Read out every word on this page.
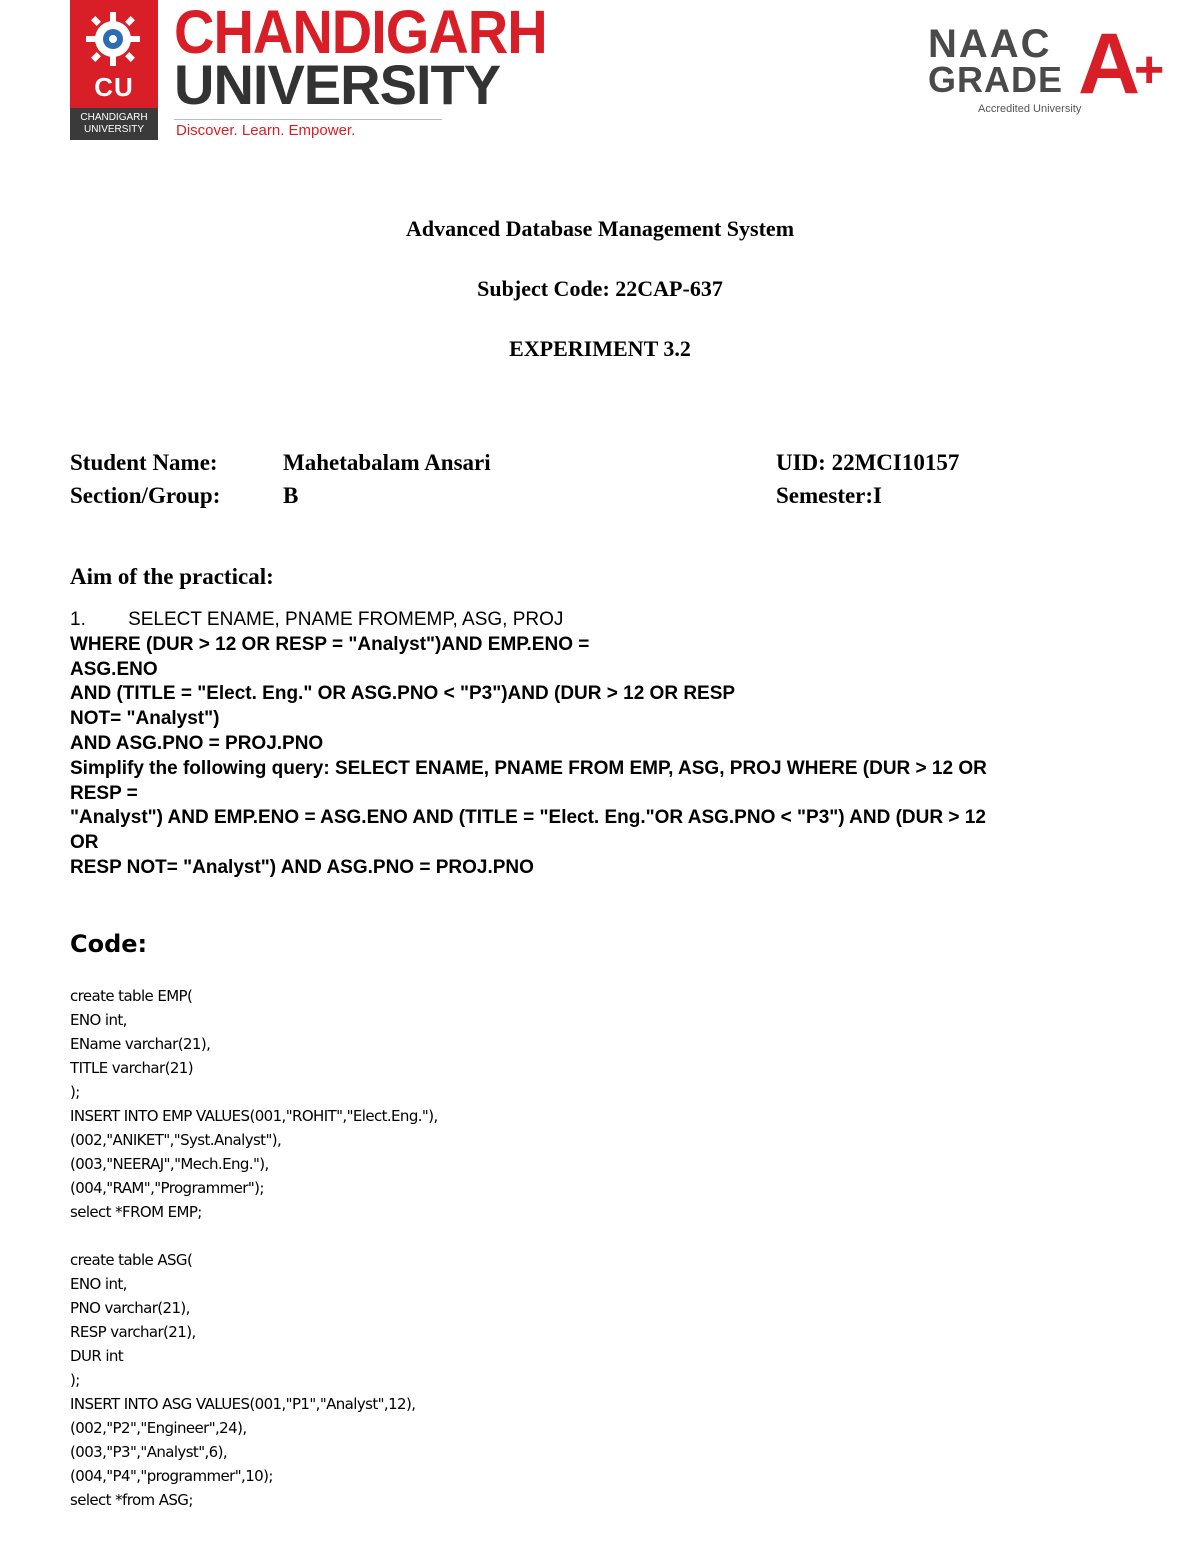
CU
CHANDIGARH
UNIVERSITY
CHANDIGARH
UNIVERSITY
Discover. Learn. Empower.
NAAC
GRADE A
+
Accredited University
Advanced Database Management System
Subject Code: 22CAP-637
EXPERIMENT 3.2
Student Name:	Mahetabalam Ansari	UID: 22MCI10157
Section/Group:	B	Semester:I
Aim of the practical:
1.        SELECT ENAME, PNAME FROMEMP, ASG, PROJ
WHERE (DUR > 12 OR RESP = "Analyst")AND EMP.ENO =
ASG.ENO
AND (TITLE = "Elect. Eng." OR ASG.PNO < "P3")AND (DUR > 12 OR RESP
NOT= "Analyst")
AND ASG.PNO = PROJ.PNO
Simplify the following query: SELECT ENAME, PNAME FROM EMP, ASG, PROJ WHERE (DUR > 12 OR
RESP =
"Analyst") AND EMP.ENO = ASG.ENO AND (TITLE = "Elect. Eng."OR ASG.PNO < "P3") AND (DUR > 12
OR
RESP NOT= "Analyst") AND ASG.PNO = PROJ.PNO
Code:
create table EMP(
ENO int,
EName varchar(21),
TITLE varchar(21)
);
INSERT INTO EMP VALUES(001,"ROHIT","Elect.Eng."),
(002,"ANIKET","Syst.Analyst"),
(003,"NEERAJ","Mech.Eng."),
(004,"RAM","Programmer");
select *FROM EMP;
create table ASG(
ENO int,
PNO varchar(21),
RESP varchar(21),
DUR int
);
INSERT INTO ASG VALUES(001,"P1","Analyst",12),
(002,"P2","Engineer",24),
(003,"P3","Analyst",6),
(004,"P4","programmer",10);
select *from ASG;
